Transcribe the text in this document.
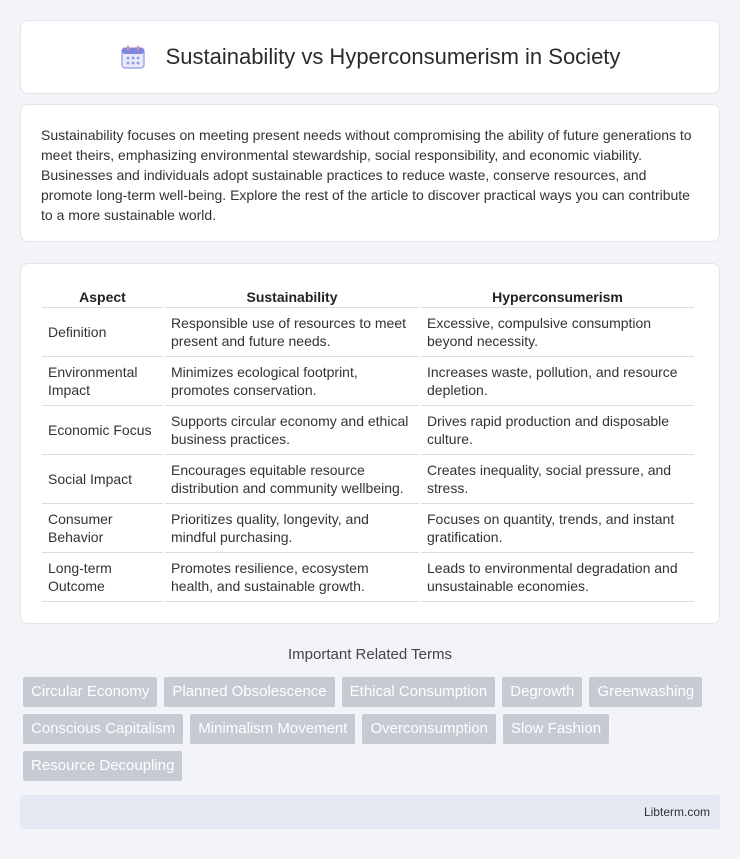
Sustainability vs Hyperconsumerism in Society

Sustainability focuses on meeting present needs without compromising the ability of future generations to meet theirs, emphasizing environmental stewardship, social responsibility, and economic viability. Businesses and individuals adopt sustainable practices to reduce waste, conserve resources, and promote long-term well-being. Explore the rest of the article to discover practical ways you can contribute to a more sustainable world.

Aspect	Sustainability	Hyperconsumerism
Definition	Responsible use of resources to meet present and future needs.	Excessive, compulsive consumption beyond necessity.
Environmental Impact	Minimizes ecological footprint, promotes conservation.	Increases waste, pollution, and resource depletion.
Economic Focus	Supports circular economy and ethical business practices.	Drives rapid production and disposable culture.
Social Impact	Encourages equitable resource distribution and community wellbeing.	Creates inequality, social pressure, and stress.
Consumer Behavior	Prioritizes quality, longevity, and mindful purchasing.	Focuses on quantity, trends, and instant gratification.
Long-term Outcome	Promotes resilience, ecosystem health, and sustainable growth.	Leads to environmental degradation and unsustainable economies.
Important Related Terms
Circular Economy	Planned Obsolescence	Ethical Consumption	Degrowth	Greenwashing
Conscious Capitalism	Minimalism Movement	Overconsumption	Slow Fashion
Resource Decoupling
Libterm.com
